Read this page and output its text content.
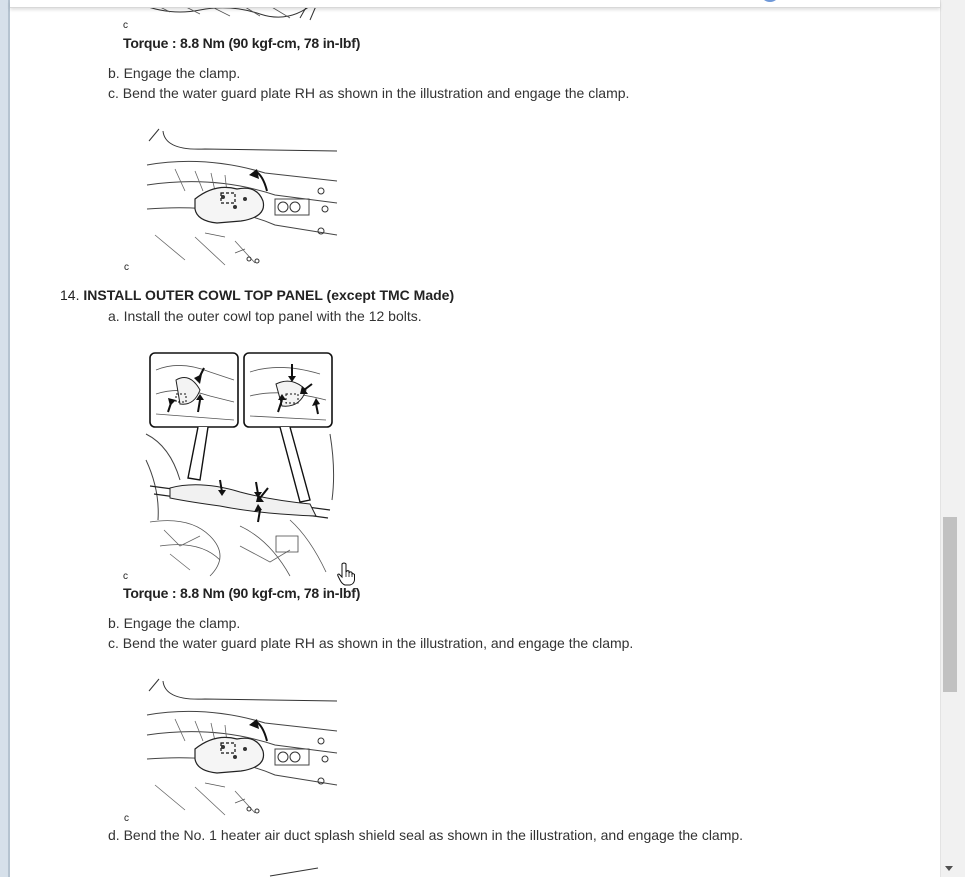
c
Torque : 8.8 Nm (90 kgf-cm, 78 in-lbf)
b. Engage the clamp.
c. Bend the water guard plate RH as shown in the illustration and engage the clamp.
c
14. INSTALL OUTER COWL TOP PANEL (except TMC Made)
a. Install the outer cowl top panel with the 12 bolts.
c
Torque : 8.8 Nm (90 kgf-cm, 78 in-lbf)
b. Engage the clamp.
c. Bend the water guard plate RH as shown in the illustration, and engage the clamp.
c
d. Bend the No. 1 heater air duct splash shield seal as shown in the illustration, and engage the clamp.
